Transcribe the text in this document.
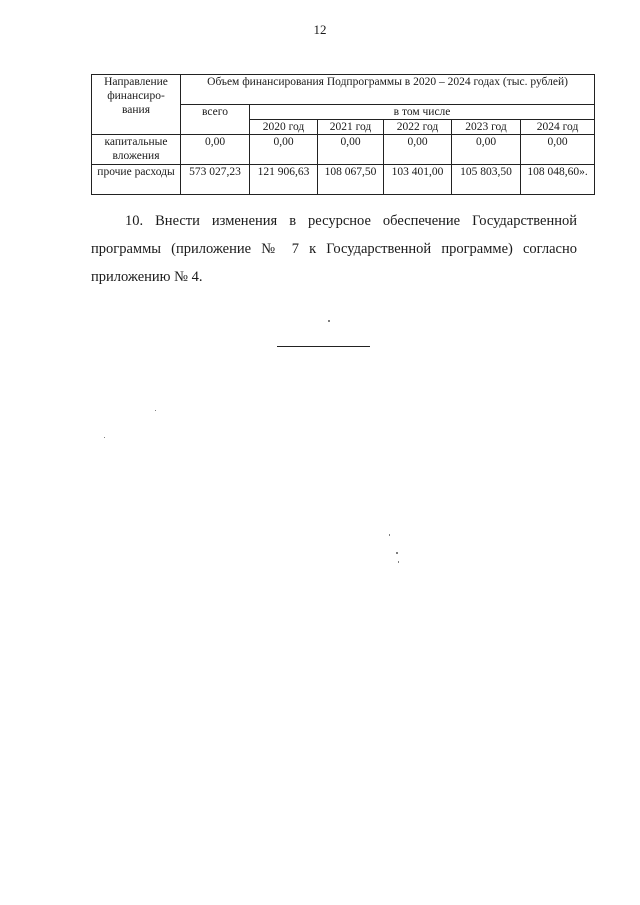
12
Направление финансиро-вания	Объем финансирования Подпрограммы в 2020 – 2024 годах (тыс. рублей)					
	всего	в том числе				
		2020 год	2021 год	2022 год	2023 год	2024 год
капитальные вложения	0,00	0,00	0,00	0,00	0,00	0,00
прочие расходы	573 027,23	121 906,63	108 067,50	103 401,00	105 803,50	108 048,60».
10. Внести изменения в ресурсное обеспечение Государственной программы (приложение № 7 к Государственной программе) согласно приложению № 4.
